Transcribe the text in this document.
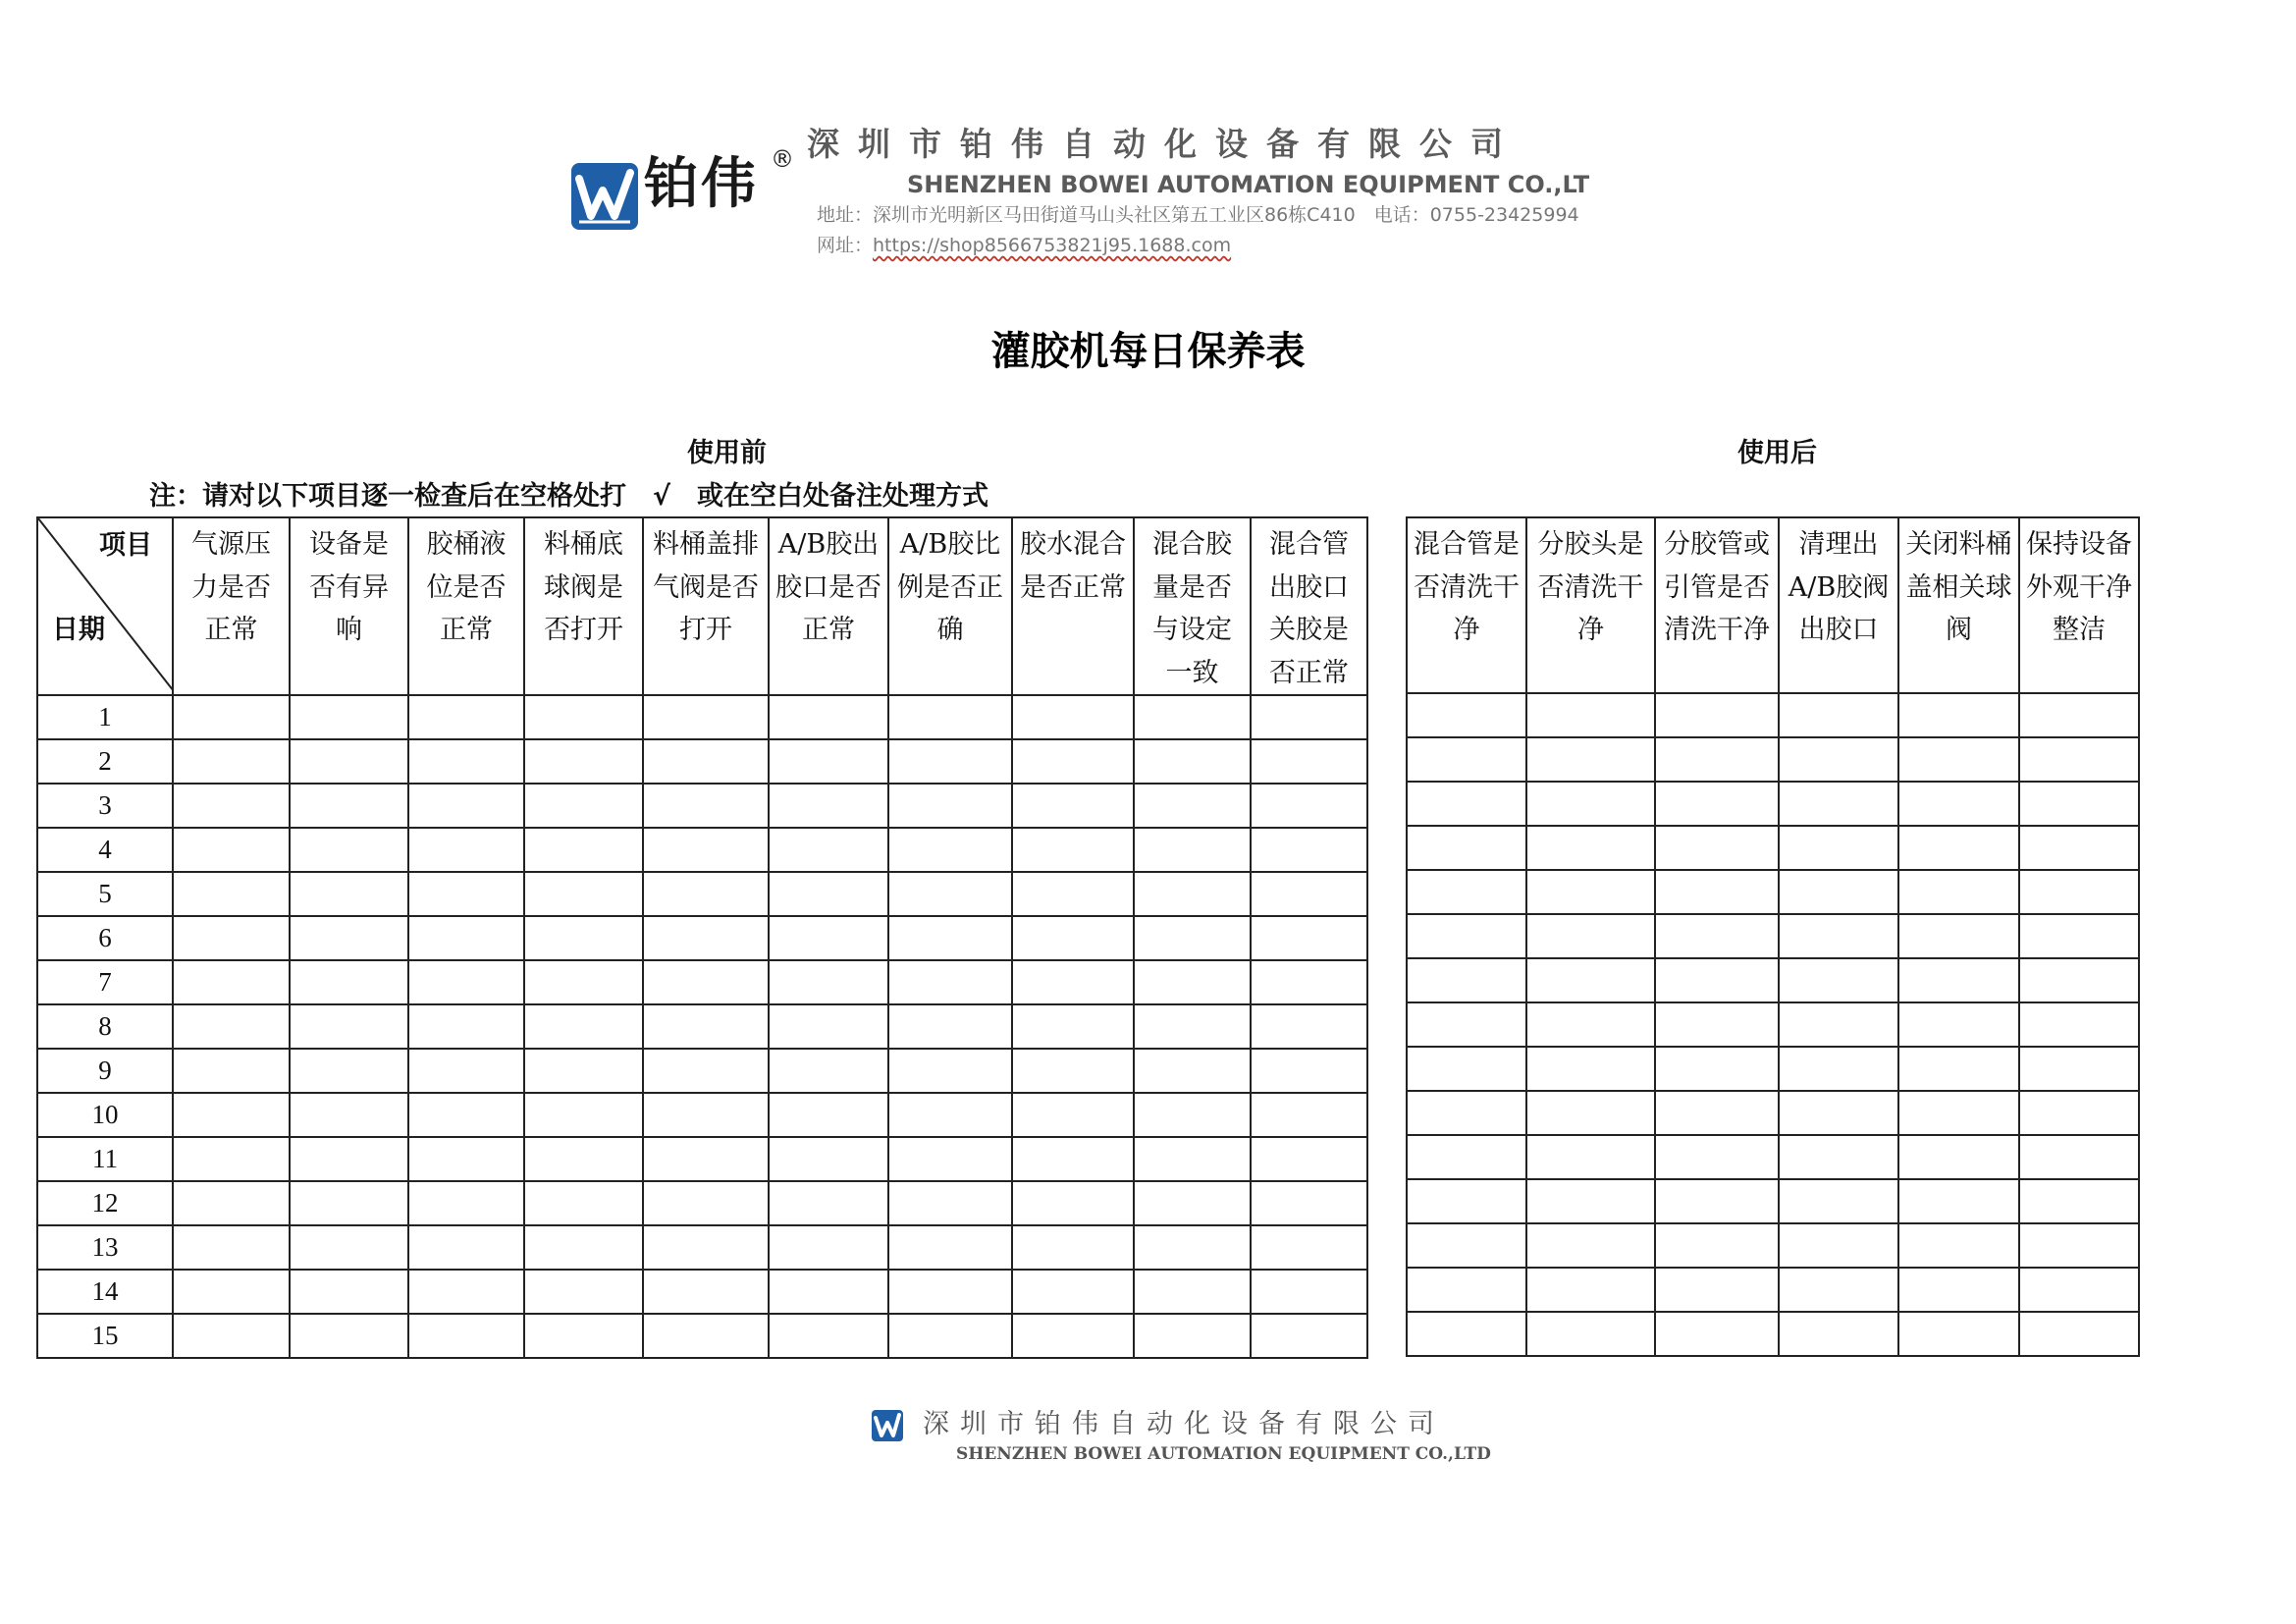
铂伟 ® 深圳市铂伟自动化设备有限公司
SHENZHEN BOWEI AUTOMATION EQUIPMENT CO.,LT
地址：深圳市光明新区马田街道马山头社区第五工业区86栋C410　电话：0755-23425994
网址：https://shop8566753821j95.1688.com
灌胶机每日保养表
使用前	使用后
注：请对以下项目逐一检查后在空格处打　√　或在空白处备注处理方式
项目
日期	气源压力是否正常	设备是否有异响	胶桶液位是否正常	料桶底球阀是否打开	料桶盖排气阀是否打开	A/B胶出胶口是否正常	A/B胶比例是否正确	胶水混合是否正常	混合胶量是否与设定一致	混合管出胶口关胶是否正常

1										
2										
3										
4										
5										
6										
7										
8										
9										
10										
11										
12										
13										
14										
15										
混合管是否清洗干净	分胶头是否清洗干净	分胶管或引管是否清洗干净	清理出A/B胶阀出胶口	关闭料桶盖相关球阀	保持设备外观干净整洁

深圳市铂伟自动化设备有限公司
SHENZHEN BOWEI AUTOMATION EQUIPMENT CO.,LTD
